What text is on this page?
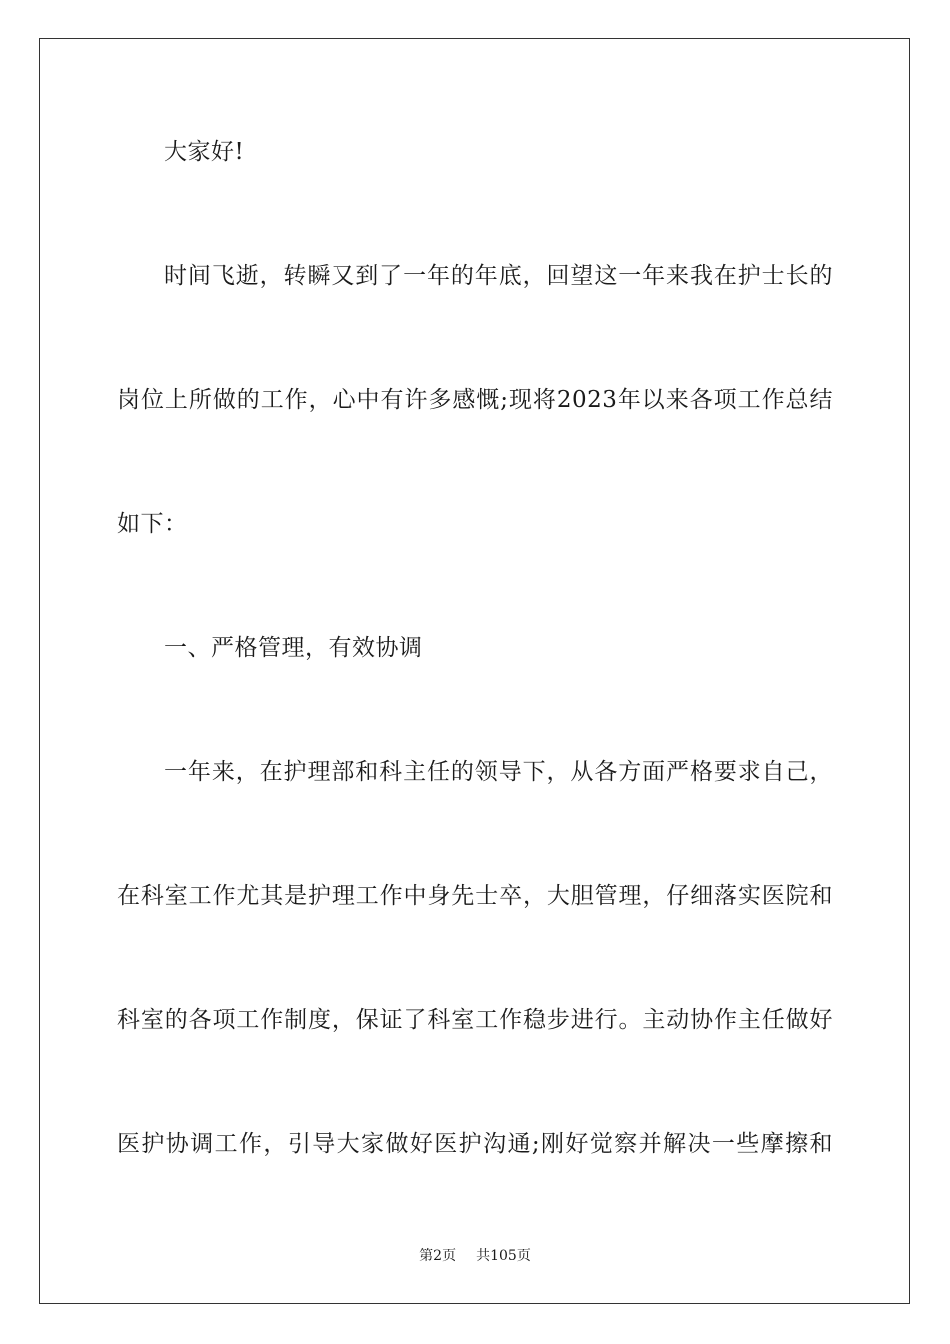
大家好!
时间飞逝，转瞬又到了一年的年底，回望这一年来我在护士长的
岗位上所做的工作，心中有许多感慨;现将2023年以来各项工作总结
如下：
一、严格管理，有效协调
一年来，在护理部和科主任的领导下，从各方面严格要求自己，
在科室工作尤其是护理工作中身先士卒，大胆管理，仔细落实医院和
科室的各项工作制度，保证了科室工作稳步进行。主动协作主任做好
医护协调工作，引导大家做好医护沟通;刚好觉察并解决一些摩擦和
第2页 共105页
